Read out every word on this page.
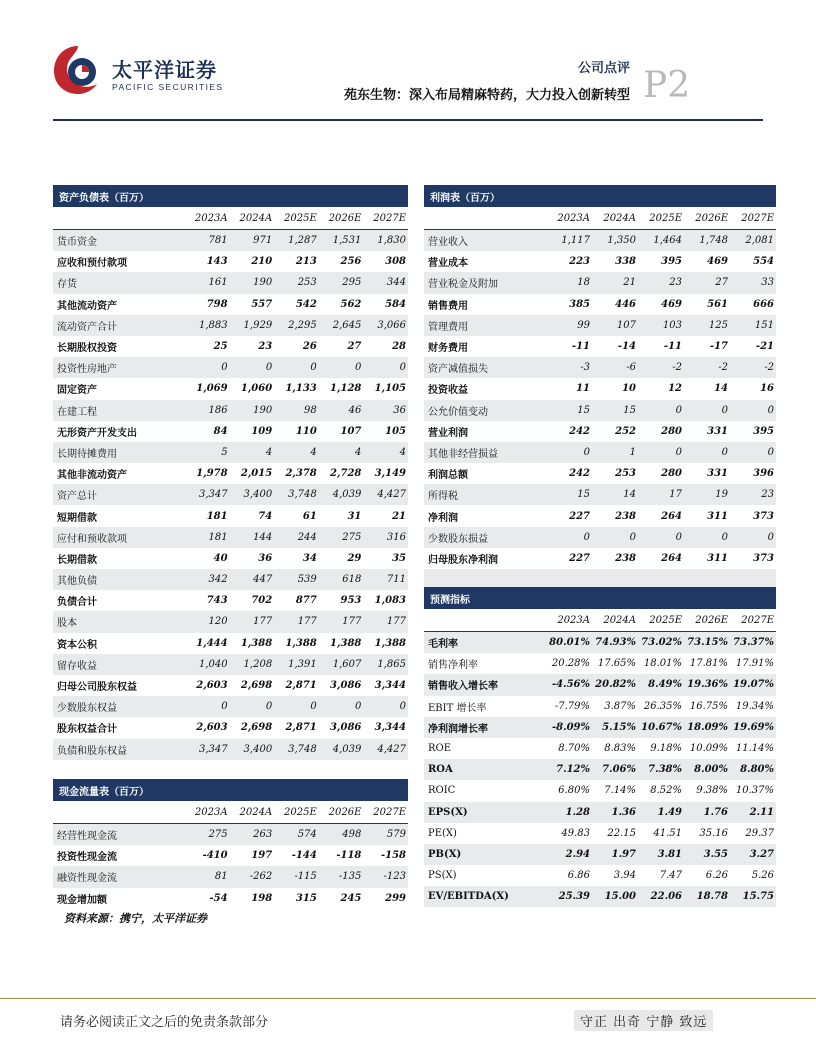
太平洋证券
PACIFIC SECURITIES
公司点评
苑东生物：深入布局精麻特药，大力投入创新转型 P2
资产负债表（百万）					
	2023A	2024A	2025E	2026E	2027E
货币资金	781	971	1,287	1,531	1,830
应收和预付款项	143	210	213	256	308
存货	161	190	253	295	344
其他流动资产	798	557	542	562	584
流动资产合计	1,883	1,929	2,295	2,645	3,066
长期股权投资	25	23	26	27	28
投资性房地产	0	0	0	0	0
固定资产	1,069	1,060	1,133	1,128	1,105
在建工程	186	190	98	46	36
无形资产开发支出	84	109	110	107	105
长期待摊费用	5	4	4	4	4
其他非流动资产	1,978	2,015	2,378	2,728	3,149
资产总计	3,347	3,400	3,748	4,039	4,427
短期借款	181	74	61	31	21
应付和预收款项	181	144	244	275	316
长期借款	40	36	34	29	35
其他负债	342	447	539	618	711
负债合计	743	702	877	953	1,083
股本	120	177	177	177	177
资本公积	1,444	1,388	1,388	1,388	1,388
留存收益	1,040	1,208	1,391	1,607	1,865
归母公司股东权益	2,603	2,698	2,871	3,086	3,344
少数股东权益	0	0	0	0	0
股东权益合计	2,603	2,698	2,871	3,086	3,344
负债和股东权益	3,347	3,400	3,748	4,039	4,427
现金流量表（百万）					
	2023A	2024A	2025E	2026E	2027E
经营性现金流	275	263	574	498	579
投资性现金流	-410	197	-144	-118	-158
融资性现金流	81	-262	-115	-135	-123
现金增加额	-54	198	315	245	299
利润表（百万）					
	2023A	2024A	2025E	2026E	2027E
营业收入	1,117	1,350	1,464	1,748	2,081
营业成本	223	338	395	469	554
营业税金及附加	18	21	23	27	33
销售费用	385	446	469	561	666
管理费用	99	107	103	125	151
财务费用	-11	-14	-11	-17	-21
资产减值损失	-3	-6	-2	-2	-2
投资收益	11	10	12	14	16
公允价值变动	15	15	0	0	0
营业利润	242	252	280	331	395
其他非经营损益	0	1	0	0	0
利润总额	242	253	280	331	396
所得税	15	14	17	19	23
净利润	227	238	264	311	373
少数股东损益	0	0	0	0	0
归母股东净利润	227	238	264	311	373

预测指标					
	2023A	2024A	2025E	2026E	2027E
毛利率	80.01%	74.93%	73.02%	73.15%	73.37%
销售净利率	20.28%	17.65%	18.01%	17.81%	17.91%
销售收入增长率	-4.56%	20.82%	8.49%	19.36%	19.07%
EBIT 增长率	-7.79%	3.87%	26.35%	16.75%	19.34%
净利润增长率	-8.09%	5.15%	10.67%	18.09%	19.69%
ROE	8.70%	8.83%	9.18%	10.09%	11.14%
ROA	7.12%	7.06%	7.38%	8.00%	8.80%
ROIC	6.80%	7.14%	8.52%	9.38%	10.37%
EPS(X)	1.28	1.36	1.49	1.76	2.11
PE(X)	49.83	22.15	41.51	35.16	29.37
PB(X)	2.94	1.97	3.81	3.55	3.27
PS(X)	6.86	3.94	7.47	6.26	5.26
EV/EBITDA(X)	25.39	15.00	22.06	18.78	15.75
资料来源：携宁，太平洋证券
请务必阅读正文之后的免责条款部分	守正 出奇 宁静 致远
